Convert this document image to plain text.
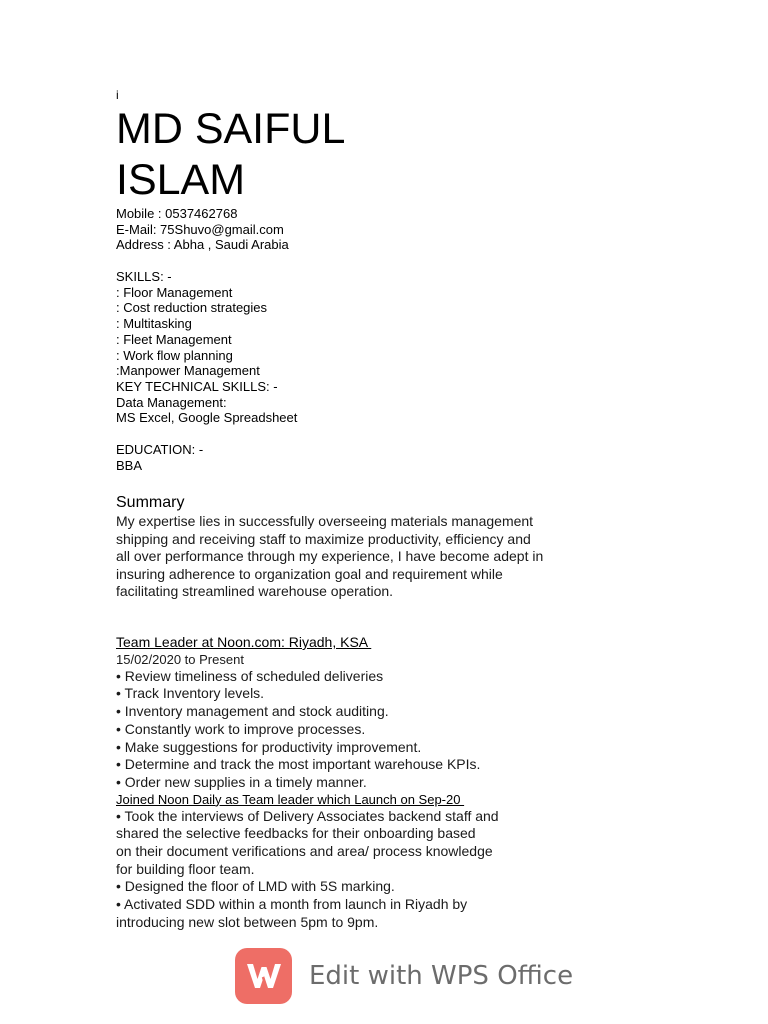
i
MD SAIFUL
ISLAM
Mobile : 0537462768
E-Mail: 75Shuvo@gmail.com
Address : Abha , Saudi Arabia
SKILLS: -
: Floor Management
: Cost reduction strategies
: Multitasking
: Fleet Management
: Work flow planning
:Manpower Management
KEY TECHNICAL SKILLS: -
Data Management:
MS Excel, Google Spreadsheet
EDUCATION: -
BBA
Summary
My expertise lies in successfully overseeing materials management
shipping and receiving staff to maximize productivity, efficiency and
all over performance through my experience, I have become adept in
insuring adherence to organization goal and requirement while
facilitating streamlined warehouse operation.
Team Leader at Noon.com: Riyadh, KSA
15/02/2020 to Present
• Review timeliness of scheduled deliveries
• Track Inventory levels.
• Inventory management and stock auditing.
• Constantly work to improve processes.
• Make suggestions for productivity improvement.
• Determine and track the most important warehouse KPIs.
• Order new supplies in a timely manner.
Joined Noon Daily as Team leader which Launch on Sep-20
• Took the interviews of Delivery Associates backend staff and
shared the selective feedbacks for their onboarding based
on their document verifications and area/ process knowledge
for building floor team.
• Designed the floor of LMD with 5S marking.
• Activated SDD within a month from launch in Riyadh by
introducing new slot between 5pm to 9pm.
Edit with WPS Office
